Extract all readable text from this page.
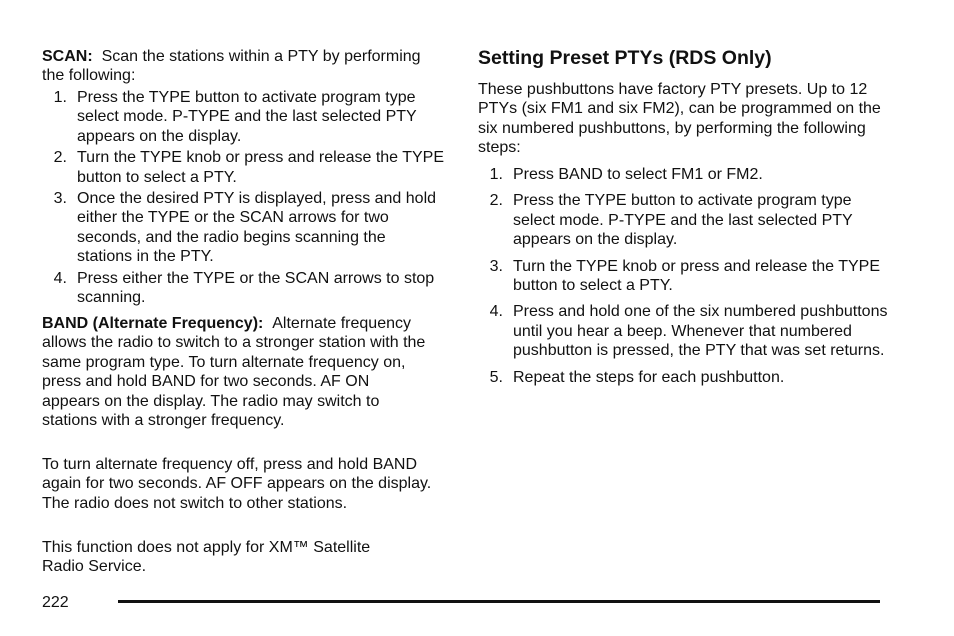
SCAN: Scan the stations within a PTY by performing the following:

1. Press the TYPE button to activate program type select mode. P-TYPE and the last selected PTY appears on the display.
2. Turn the TYPE knob or press and release the TYPE button to select a PTY.
3. Once the desired PTY is displayed, press and hold either the TYPE or the SCAN arrows for two seconds, and the radio begins scanning the stations in the PTY.
4. Press either the TYPE or the SCAN arrows to stop scanning.

BAND (Alternate Frequency): Alternate frequency allows the radio to switch to a stronger station with the same program type. To turn alternate frequency on, press and hold BAND for two seconds. AF ON appears on the display. The radio may switch to stations with a stronger frequency.

To turn alternate frequency off, press and hold BAND again for two seconds. AF OFF appears on the display. The radio does not switch to other stations.

This function does not apply for XM™ Satellite Radio Service.

Setting Preset PTYs (RDS Only)

These pushbuttons have factory PTY presets. Up to 12 PTYs (six FM1 and six FM2), can be programmed on the six numbered pushbuttons, by performing the following steps:

1. Press BAND to select FM1 or FM2.
2. Press the TYPE button to activate program type select mode. P-TYPE and the last selected PTY appears on the display.
3. Turn the TYPE knob or press and release the TYPE button to select a PTY.
4. Press and hold one of the six numbered pushbuttons until you hear a beep. Whenever that numbered pushbutton is pressed, the PTY that was set returns.
5. Repeat the steps for each pushbutton.
222
